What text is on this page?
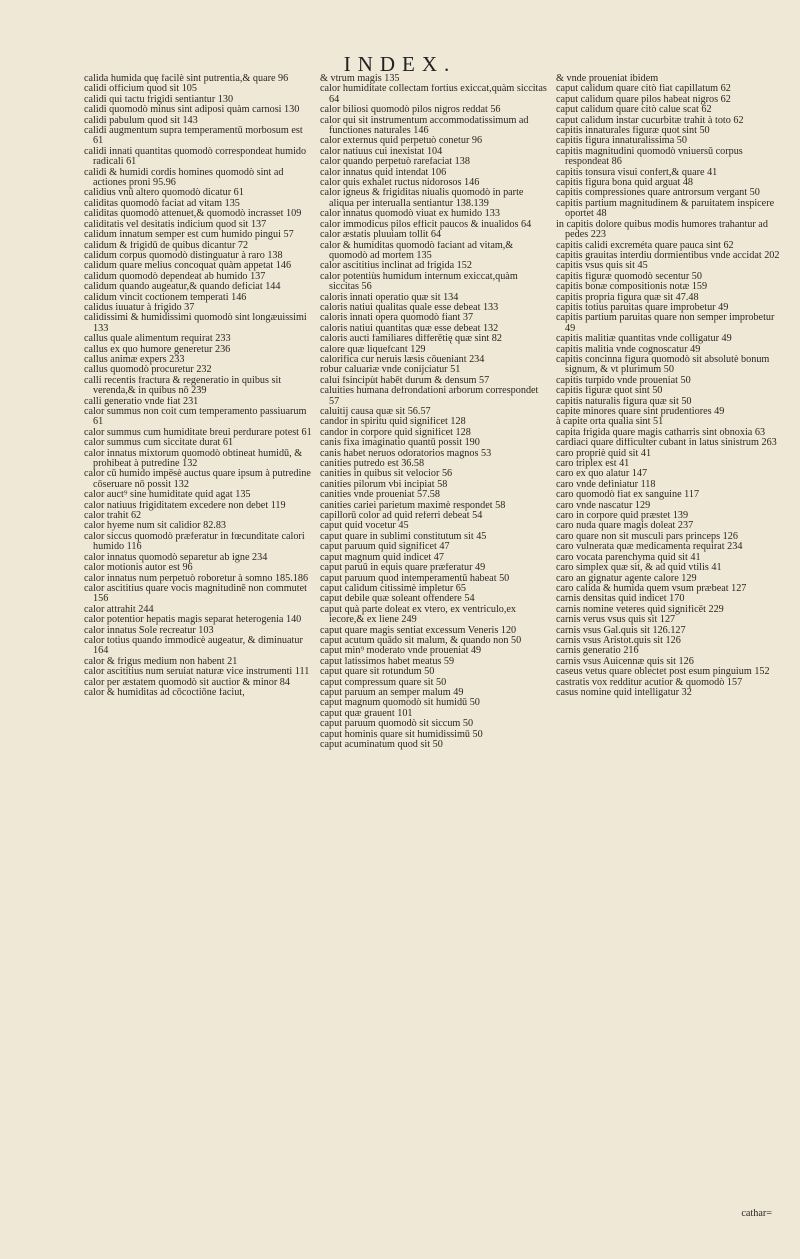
INDEX.
calida humida quę facilè sint putrentia,& quare 96
calidi officium quod sit 105
calidi qui tactu frigidi sentiantur 130
calidi quomodò minus sint adiposi quàm carnosi 130
calidi pabulum quod sit 143
calidi augmentum supra temperamentū morbosum est 61
calidi innati quantitas quomodò correspondeat humido radicali 61
calidi & humidi cordis homines quomodò sint ad actiones proni 95.96
calidius vnū altero quomodò dicatur 61
caliditas quomodò faciat ad vitam 135
caliditas quomodò attenuet,& quomodò incrasset 109
caliditatis vel desitatis indicium quod sit 137
calidum innatum semper est cum humido pingui 57
calidum & frigidū de quibus dicantur 72
calidum corpus quomodò distinguatur à raro 138
calidum quare melius concoquat quàm appetat 146
calidum quomodò dependeat ab humido 137
calidum quando augeatur,& quando deficiat 144
calidum vincit coctionem temperati 146
calidus iuuatur à frigido 37
calidissimi & humidissimi quomodò sint longæuissimi 133
callus quale alimentum requirat 233
callus ex quo humore generetur 236
callus animæ expers 233
callus quomodò procuretur 232
calli recentis fractura & regeneratio in quibus sit verenda,& in quibus nō 239
calli generatio vnde fiat 231
calor summus non coit cum temperamento passiuarum 61
calor summus cum humiditate breui perdurare potest 61
calor summus cum siccitate durat 61
calor innatus mixtorum quomodò obtineat humidū, & prohibeat à putredine 132
calor cū humido impēsè auctus quare ipsum à putredine cōseruare nō possit 132
calor auct⁹ sine humiditate quid agat 135
calor natiuus frigiditatem excedere non debet 119
calor trahit 62
calor hyeme num sit calidior 82.83
calor siccus quomodò præferatur in fœcunditate calori humido 116
calor innatus quomodò separetur ab igne 234
calor motionis autor est 96
calor innatus num perpetuò roboretur à somno 185.186
calor ascititius quare vocis magnitudinē non commutet 156
calor attrahit 244
calor potentior hepatis magis separat heterogenia 140
calor innatus Sole recreatur 103
calor totius quando immodicè augeatur, & diminuatur 164
calor & frigus medium non habent 21
calor ascititius num seruiat naturæ vice instrumenti 111
calor per æstatem quomodò sit auctior & minor 84
calor & humiditas ad cōcoctiōne faciut,
& vtrum magis 135
calor humiditate collectam fortius exiccat,quàm siccitas 64
calor biliosi quomodò pilos nigros reddat 56
calor qui sit instrumentum accommodatissimum ad functiones naturales 146
calor externus quid perpetuò conetur 96
calor natiuus cui inexistat 104
calor quando perpetuò rarefaciat 138
calor innatus quid intendat 106
calor quis exhalet ructus nidorosos 146
calor igneus & frigiditas niualis quomodò in parte aliqua per interualla sentiantur 138.139
calor innatus quomodò viuat ex humido 133
calor immodicus pilos efficit paucos & inualidos 64
calor æstatis pluuiam tollit 64
calor & humiditas quomodò faciant ad vitam,& quomodò ad mortem 135
calor ascititius inclinat ad frigida 152
calor potentiùs humidum internum exiccat,quàm siccitas 56
caloris innati operatio quæ sit 134
caloris natiui qualitas quale esse debeat 133
caloris innati opera quomodò fiant 37
caloris natiui quantitas quæ esse debeat 132
caloris aucti familiares differētię quæ sint 82
calore quæ liquefcant 129
calorifica cur neruis læsis cōueniant 234
robur caluariæ vnde conijciatur 51
calui fsincipùt habēt durum & densum 57
caluities humana defrondationi arborum correspondet 57
caluitij causa quæ sit 56.57
candor in spiritu quid significet 128
candor in corpore quid significet 128
canis fixa imaginatio quantū possit 190
canis habet neruos odoratorios magnos 53
canities putredo est 36.58
canities in quibus sit velocior 56
canities pilorum vbi incipiat 58
canities vnde proueniat 57.58
canities cariei parietum maximè respondet 58
capillorū color ad quid referri debeat 54
caput quid vocetur 45
caput quare in sublimi constitutum sit 45
caput paruum quid significet 47
caput magnum quid indicet 47
caput paruū in equis quare præferatur 49
caput paruum quod intemperamentū habeat 50
caput calidum citissimè impletur 65
caput debile quæ soleant offendere 54
caput quà parte doleat ex vtero, ex ventriculo,ex iecore,& ex liene 249
caput quare magis sentiat excessum Veneris 120
caput acutum quādo sit malum, & quando non 50
caput min⁹ moderato vnde proueniat 49
caput latissimos habet meatus 59
caput quare sit rotundum 50
caput compressum quare sit 50
caput paruum an semper malum 49
caput magnum quomodò sit humidū 50
caput quæ grauent 101
caput paruum quomodò sit siccum 50
caput hominis quare sit humidissimū 50
caput acuminatum quod sit 50
& vnde proueniat ibidem
caput calidum quare citò fiat capillatum 62
caput calidum quare pilos habeat nigros 62
caput calidum quare citò calue scat 62
caput calidum instar cucurbitæ trahit à toto 62
capitis innaturales figuræ quot sint 50
capitis figura innaturalissima 50
capitis magnitudini quomodò vniuersū corpus respondeat 86
capitis tonsura visui confert,& quare 41
capitis figura bona quid arguat 48
capitis compressiones quare antrorsum vergant 50
capitis partium magnitudinem & paruitatem inspicere oportet 48
in capitis dolore quibus modis humores trahantur ad pedes 223
capitis calidi excreméta quare pauca sint 62
capitis grauitas interdiu dormientibus vnde accidat 202
capitis vsus quis sit 45
capitis figuræ quomodò secentur 50
capitis bonæ compositionis notæ 159
capitis propria figura quæ sit 47.48
capitis totius paruitas quare improbetur 49
capitis partium paruitas quare non semper improbetur 49
capitis malitiæ quantitas vnde colligatur 49
capitis malitia vnde cognoscatur 49
capitis concinna figura quomodò sit absolutè bonum signum, & vt plurimum 50
capitis turpido vnde proueniat 50
capitis figuræ quot sint 50
capitis naturalis figura quæ sit 50
capite minores quare sint prudentiores 49
à capite orta qualia sint 51
capita frigida quare magis catharris sint obnoxia 63
cardiaci quare difficulter cubant in latus sinistrum 263
caro propriè quid sit 41
caro triplex est 41
caro ex quo alatur 147
caro vnde definiatur 118
caro quomodò fiat ex sanguine 117
caro vnde nascatur 129
caro in corpore quid præstet 139
caro nuda quare magis doleat 237
caro quare non sit musculi pars princeps 126
caro vulnerata quæ medicamenta requirat 234
caro vocata parenchyma quid sit 41
caro simplex quæ sit, & ad quid vtilis 41
caro an gignatur agente calore 129
caro calida & humida quem vsum præbeat 127
carnis densitas quid indicet 170
carnis nomine veteres quid significēt 229
carnis verus vsus quis sit 127
carnis vsus Gal.quis sit 126.127
carnis vsus Aristot.quis sit 126
carnis generatio 216
carnis vsus Auicennæ quis sit 126
caseus vetus quare oblectet post esum pinguium 152
castratis vox redditur acutior & quomodò 157
casus nomine quid intelligatur 32
cathar=
